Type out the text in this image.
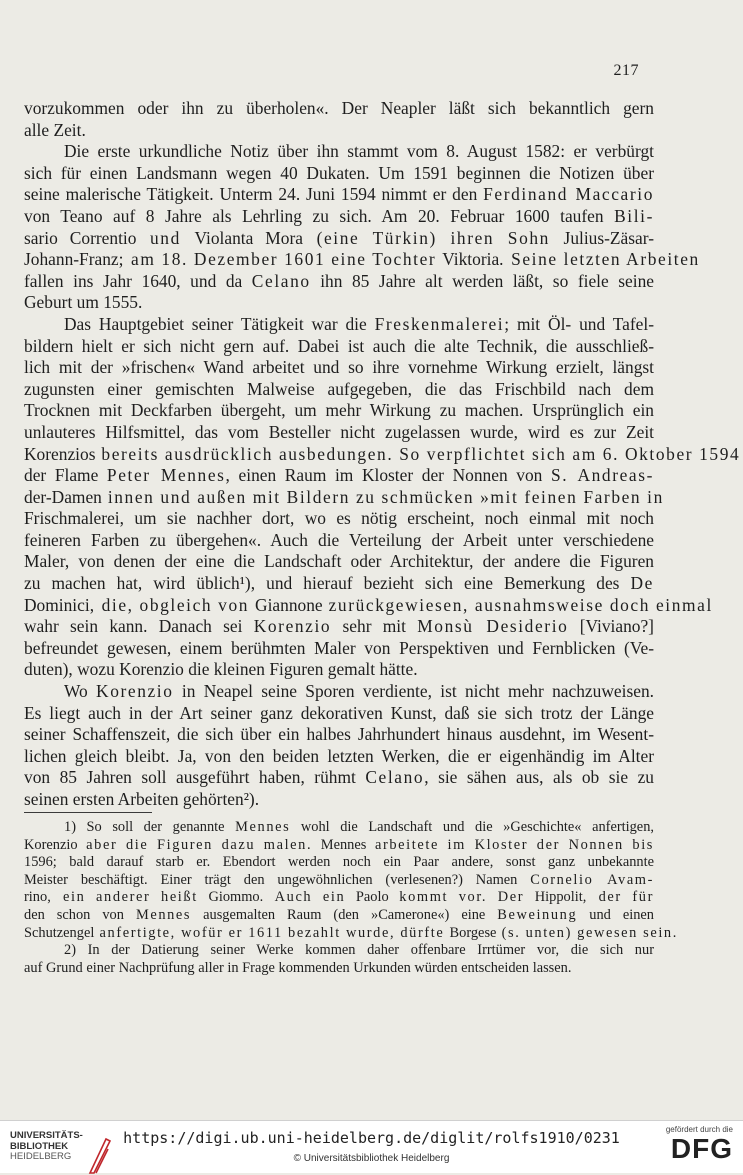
217
vorzukommen oder ihn zu überholen«. Der Neapler läßt sich bekanntlich gern
alle Zeit.
Die erste urkundliche Notiz über ihn stammt vom 8. August 1582: er verbürgt
sich für einen Landsmann wegen 40 Dukaten. Um 1591 beginnen die Notizen über
seine malerische Tätigkeit. Unterm 24. Juni 1594 nimmt er den Ferdinand Maccario
von Teano auf 8 Jahre als Lehrling zu sich. Am 20. Februar 1600 taufen Bili-
sario Correntio und Violanta Mora (eine Türkin) ihren Sohn Julius-Zäsar-
Johann-Franz; am 18. Dezember 1601 eine Tochter Viktoria. Seine letzten Arbeiten
fallen ins Jahr 1640, und da Celano ihn 85 Jahre alt werden läßt, so fiele seine
Geburt um 1555.
Das Hauptgebiet seiner Tätigkeit war die Freskenmalerei; mit Öl- und Tafel-
bildern hielt er sich nicht gern auf. Dabei ist auch die alte Technik, die ausschließ-
lich mit der »frischen« Wand arbeitet und so ihre vornehme Wirkung erzielt, längst
zugunsten einer gemischten Malweise aufgegeben, die das Frischbild nach dem
Trocknen mit Deckfarben übergeht, um mehr Wirkung zu machen. Ursprünglich ein
unlauteres Hilfsmittel, das vom Besteller nicht zugelassen wurde, wird es zur Zeit
Korenzios bereits ausdrücklich ausbedungen. So verpflichtet sich am 6. Oktober 1594
der Flame Peter Mennes, einen Raum im Kloster der Nonnen von S. Andreas-
der-Damen innen und außen mit Bildern zu schmücken »mit feinen Farben in
Frischmalerei, um sie nachher dort, wo es nötig erscheint, noch einmal mit noch
feineren Farben zu übergehen«. Auch die Verteilung der Arbeit unter verschiedene
Maler, von denen der eine die Landschaft oder Architektur, der andere die Figuren
zu machen hat, wird üblich¹), und hierauf bezieht sich eine Bemerkung des De
Dominici, die, obgleich von Giannone zurückgewiesen, ausnahmsweise doch einmal
wahr sein kann. Danach sei Korenzio sehr mit Monsù Desiderio [Viviano?]
befreundet gewesen, einem berühmten Maler von Perspektiven und Fernblicken (Ve-
duten), wozu Korenzio die kleinen Figuren gemalt hätte.
Wo Korenzio in Neapel seine Sporen verdiente, ist nicht mehr nachzuweisen.
Es liegt auch in der Art seiner ganz dekorativen Kunst, daß sie sich trotz der Länge
seiner Schaffenszeit, die sich über ein halbes Jahrhundert hinaus ausdehnt, im Wesent-
lichen gleich bleibt. Ja, von den beiden letzten Werken, die er eigenhändig im Alter
von 85 Jahren soll ausgeführt haben, rühmt Celano, sie sähen aus, als ob sie zu
seinen ersten Arbeiten gehörten²).
1) So soll der genannte Mennes wohl die Landschaft und die »Geschichte« anfertigen,
Korenzio aber die Figuren dazu malen. Mennes arbeitete im Kloster der Nonnen bis
1596; bald darauf starb er. Ebendort werden noch ein Paar andere, sonst ganz unbekannte
Meister beschäftigt. Einer trägt den ungewöhnlichen (verlesenen?) Namen Cornelio Avam-
rino, ein anderer heißt Giommo. Auch ein Paolo kommt vor. Der Hippolit, der für
den schon von Mennes ausgemalten Raum (den »Camerone«) eine Beweinung und einen
Schutzengel anfertigte, wofür er 1611 bezahlt wurde, dürfte Borgese (s. unten) gewesen sein.
2) In der Datierung seiner Werke kommen daher offenbare Irrtümer vor, die sich nur
auf Grund einer Nachprüfung aller in Frage kommenden Urkunden würden entscheiden lassen.
UNIVERSITÄTS-
BIBLIOTHEK
HEIDELBERG
https://digi.ub.uni-heidelberg.de/diglit/rolfs1910/0231
© Universitätsbibliothek Heidelberg
gefördert durch die
DFG
